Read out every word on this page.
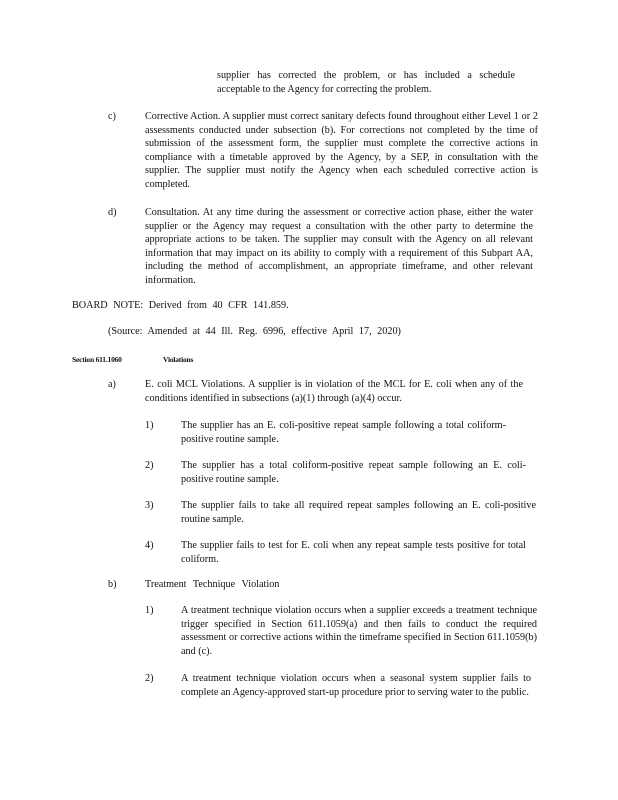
supplier has corrected the problem, or has included a schedule acceptable to the Agency for correcting the problem.

c)	Corrective Action. A supplier must correct sanitary defects found throughout either Level 1 or 2 assessments conducted under subsection (b). For corrections not completed by the time of submission of the assessment form, the supplier must complete the corrective actions in compliance with a timetable approved by the Agency, by a SEP, in consultation with the supplier. The supplier must notify the Agency when each scheduled corrective action is completed.

d)	Consultation. At any time during the assessment or corrective action phase, either the water supplier or the Agency may request a consultation with the other party to determine the appropriate actions to be taken. The supplier may consult with the Agency on all relevant information that may impact on its ability to comply with a requirement of this Subpart AA, including the method of accomplishment, an appropriate timeframe, and other relevant information.

BOARD NOTE: Derived from 40 CFR 141.859.
(Source: Amended at 44 Ill. Reg. 6996, effective April 17, 2020)
Section 611.1060	Violations
a)	E. coli MCL Violations. A supplier is in violation of the MCL for E. coli when any of the conditions identified in subsections (a)(1) through (a)(4) occur.

1)	The supplier has an E. coli-positive repeat sample following a total coliform-positive routine sample.

2)	The supplier has a total coliform-positive repeat sample following an E. coli-positive routine sample.

3)	The supplier fails to take all required repeat samples following an E. coli-positive routine sample.

4)	The supplier fails to test for E. coli when any repeat sample tests positive for total coliform.

b)	Treatment Technique Violation
1)	A treatment technique violation occurs when a supplier exceeds a treatment technique trigger specified in Section 611.1059(a) and then fails to conduct the required assessment or corrective actions within the timeframe specified in Section 611.1059(b) and (c).

2)	A treatment technique violation occurs when a seasonal system supplier fails to complete an Agency-approved start-up procedure prior to serving water to the public.
